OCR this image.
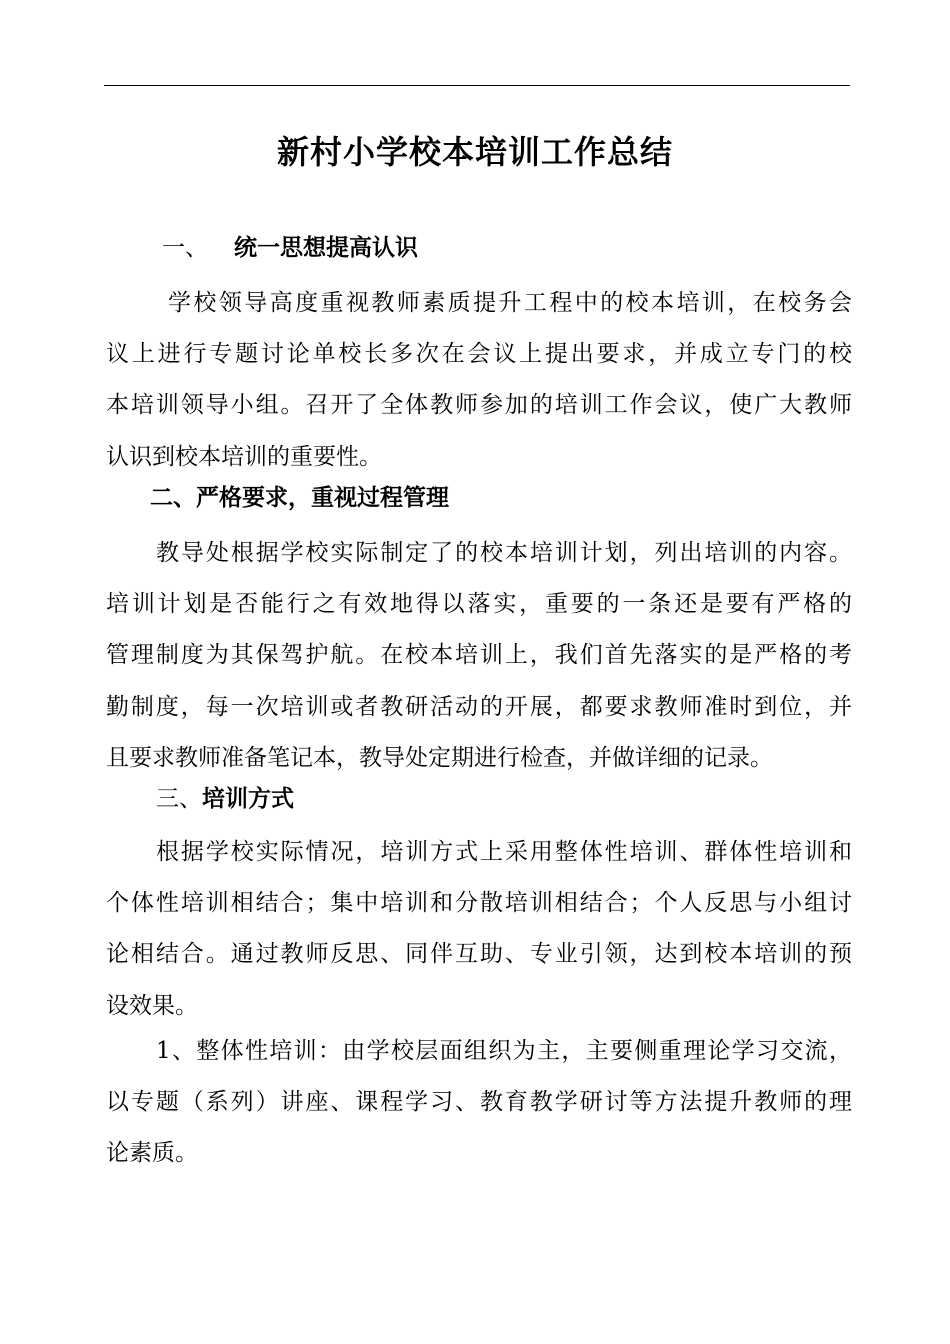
新村小学校本培训工作总结
一、 统一思想提高认识
学校领导高度重视教师素质提升工程中的校本培训，在校务会
议上进行专题讨论单校长多次在会议上提出要求，并成立专门的校
本培训领导小组。召开了全体教师参加的培训工作会议，使广大教师
认识到校本培训的重要性。
二、严格要求，重视过程管理
教导处根据学校实际制定了的校本培训计划，列出培训的内容。
培训计划是否能行之有效地得以落实，重要的一条还是要有严格的
管理制度为其保驾护航。在校本培训上，我们首先落实的是严格的考
勤制度，每一次培训或者教研活动的开展，都要求教师准时到位，并
且要求教师准备笔记本，教导处定期进行检查，并做详细的记录。
三、培训方式
根据学校实际情况，培训方式上采用整体性培训、群体性培训和
个体性培训相结合；集中培训和分散培训相结合；个人反思与小组讨
论相结合。通过教师反思、同伴互助、专业引领，达到校本培训的预
设效果。
1、整体性培训：由学校层面组织为主，主要侧重理论学习交流，
以专题（系列）讲座、课程学习、教育教学研讨等方法提升教师的理
论素质。
